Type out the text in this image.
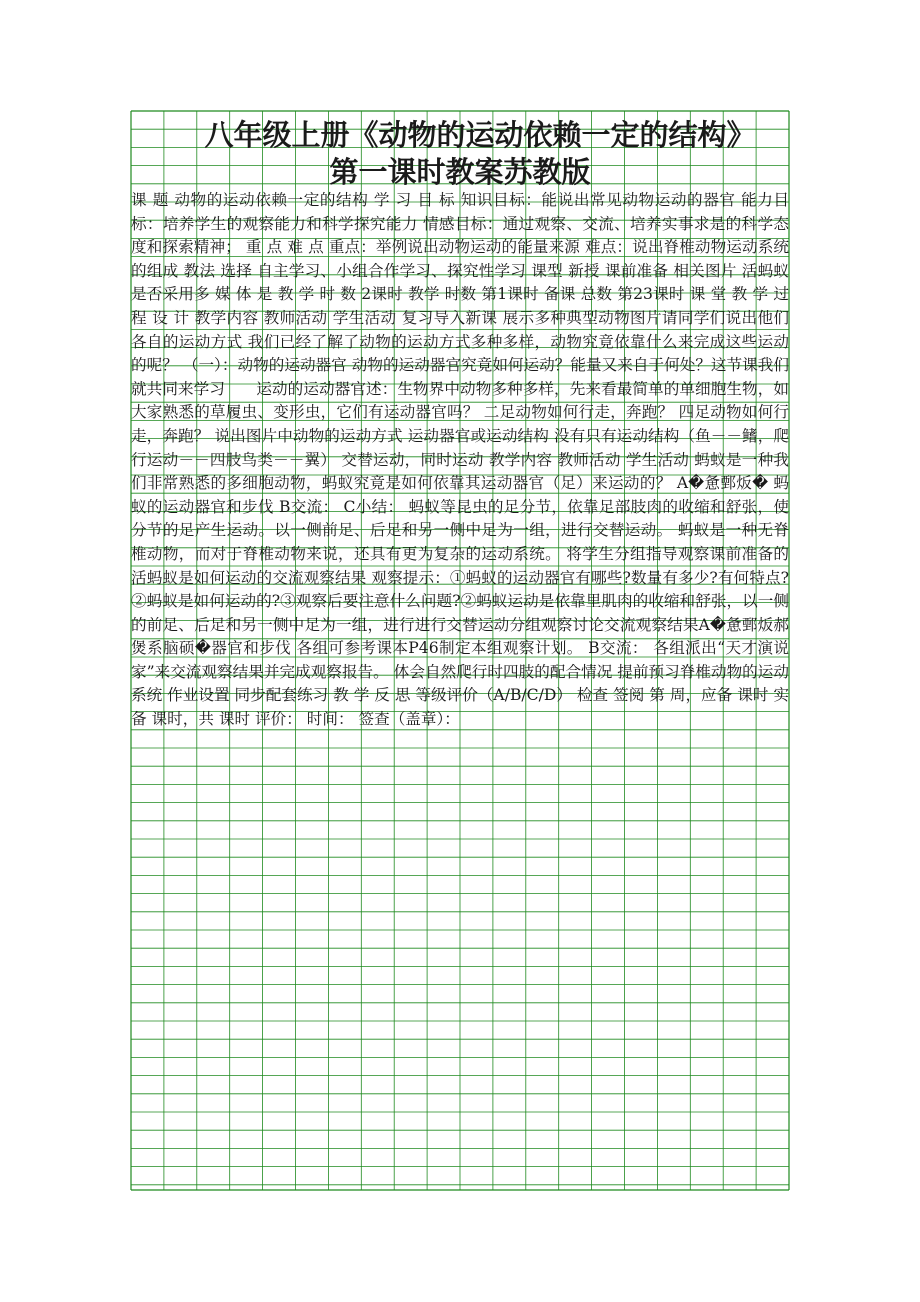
八年级上册《动物的运动依赖一定的结构》
第一课时教案苏教版

课 题 动物的运动依赖一定的结构 学 习 目 标 知识目标：能说出常见动物运动的器官 能力目标：培养学生的观察能力和科学探究能力 情感目标：通过观察、交流、培养实事求是的科学态度和探索精神； 重 点 难 点 重点：举例说出动物运动的能量来源 难点：说出脊椎动物运动系统的组成 教法 选择 自主学习、小组合作学习、探究性学习 课型 新授 课前准备 相关图片 活蚂蚁 是否采用多 媒 体 是 教 学 时 数 2课时 教学 时数 第1课时 备课 总数 第23课时 课 堂 教 学 过 程 设 计 教学内容 教师活动 学生活动 复习导入新课 展示多种典型动物图片请同学们说出他们各自的运动方式 我们已经了解了动物的运动方式多种多样，动物究竟依靠什么来完成这些运动的呢？ （一）：动物的运动器官 动物的运动器官究竟如何运动？能量又来自于何处？这节课我们就共同来学习　　运动的运动器官述：生物界中动物多种多样，先来看最简单的单细胞生物，如大家熟悉的草履虫、变形虫，它们有运动器官吗？ 二足动物如何行走，奔跑？ 四足动物如何行走，奔跑？ 说出图片中动物的运动方式 运动器官或运动结构 没有只有运动结构（鱼－－鳍，爬行运动－－四肢鸟类－－翼） 交替运动，同时运动 教学内容 教师活动 学生活动 蚂蚁是一种我们非常熟悉的多细胞动物，蚂蚁究竟是如何依靠其运动器官（足）来运动的？ A�惫鄄炍� 蚂蚁的运动器官和步伐 B交流： C小结： 蚂蚁等昆虫的足分节，依靠足部肢肉的收缩和舒张，使分节的足产生运动。以一侧前足、后足和另一侧中足为一组，进行交替运动。 蚂蚁是一种无脊椎动物，而对于脊椎动物来说，还具有更为复杂的运动系统。 将学生分组指导观察课前准备的活蚂蚁是如何运动的交流观察结果 观察提示：①蚂蚁的运动器官有哪些?数量有多少?有何特点?②蚂蚁是如何运动的?③观察后要注意什么问题?②蚂蚁运动是依靠里肌肉的收缩和舒张，以一侧的前足、后足和另一侧中足为一组，进行进行交替运动分组观察讨论交流观察结果A�惫鄄炍郝煲系脑硕�器官和步伐 各组可参考课本P46制定本组观察计划。 B交流： 各组派出“天才演说家”来交流观察结果并完成观察报告。 体会自然爬行时四肢的配合情况 提前预习脊椎动物的运动系统 作业设置 同步配套练习 教 学 反 思 等级评价（A/B/C/D） 检查 签阅 第 周，应备 课时 实备 课时，共 课时 评价： 时间： 签查（盖章）：
